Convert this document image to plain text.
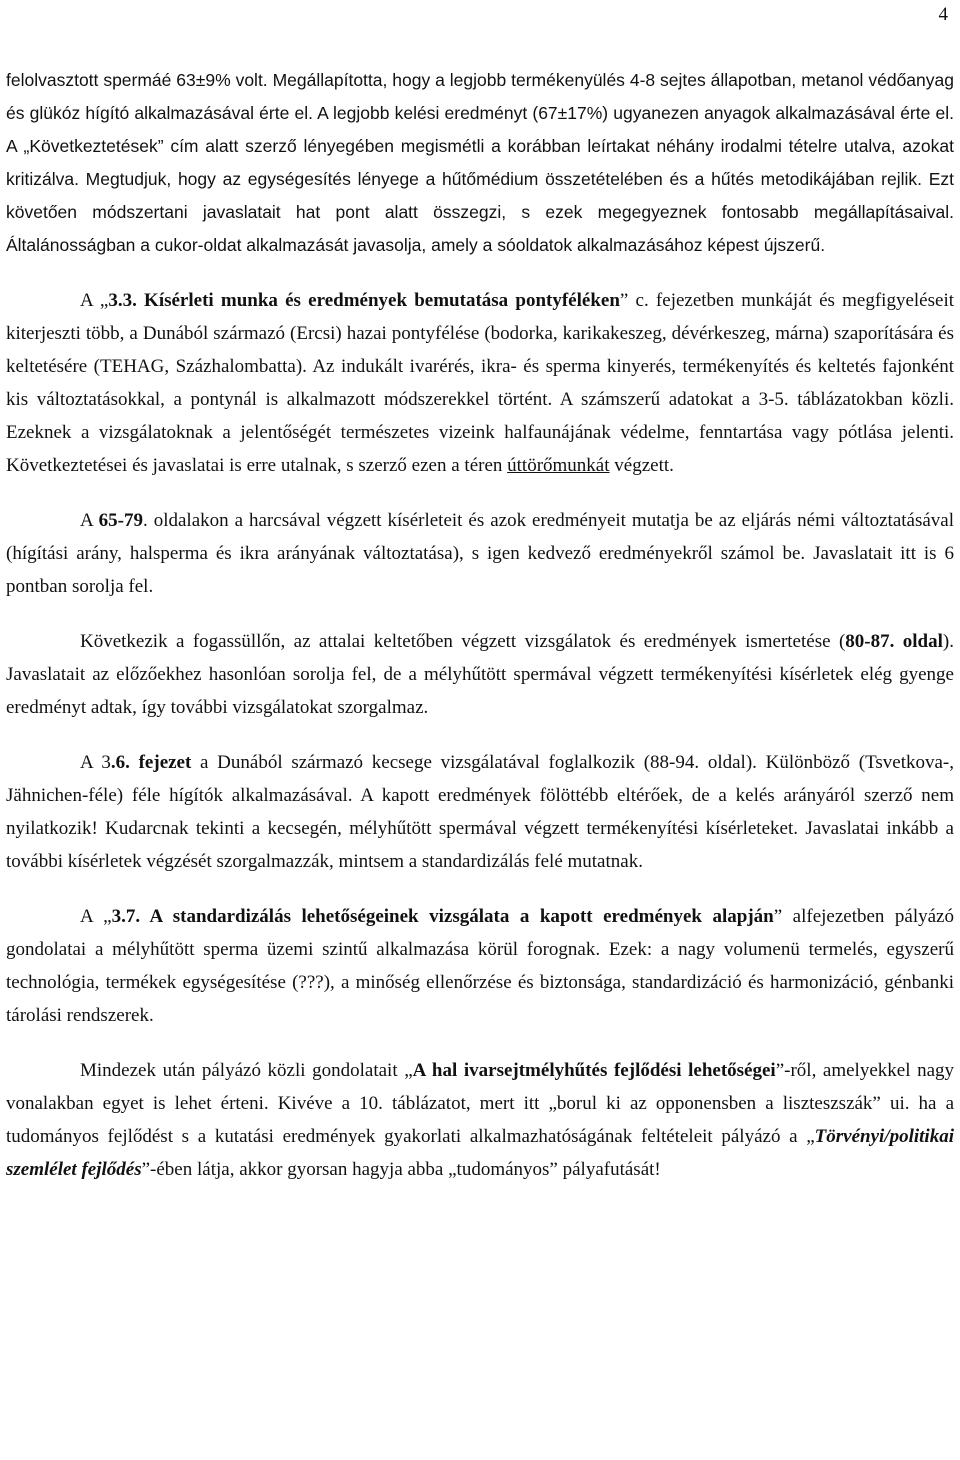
4

felolvasztott spermáé 63±9% volt. Megállapította, hogy a legjobb termékenyülés 4-8 sejtes állapotban, metanol védőanyag és glükóz hígító alkalmazásával érte el. A legjobb kelési eredményt (67±17%) ugyanezen anyagok alkalmazásával érte el. A „Következtetések” cím alatt szerző lényegében megismétli a korábban leírtakat néhány irodalmi tételre utalva, azokat kritizálva. Megtudjuk, hogy az egységesítés lényege a hűtőmédium összetételében és a hűtés metodikájában rejlik. Ezt követően módszertani javaslatait hat pont alatt összegzi, s ezek megegyeznek fontosabb megállapításaival. Általánosságban a cukor-oldat alkalmazását javasolja, amely a sóoldatok alkalmazásához képest újszerű.

A „3.3. Kísérleti munka és eredmények bemutatása pontyféléken” c. fejezetben munkáját és megfigyeléseit kiterjeszti több, a Dunából származó (Ercsi) hazai pontyfélése (bodorka, karikakeszeg, dévérkeszeg, márna) szaporítására és keltetésére (TEHAG, Százhalombatta). Az indukált ivarérés, ikra- és sperma kinyerés, termékenyítés és keltetés fajonként kis változtatásokkal, a pontynál is alkalmazott módszerekkel történt. A számszerű adatokat a 3-5. táblázatokban közli. Ezeknek a vizsgálatoknak a jelentőségét természetes vizeink halfaunájának védelme, fenntartása vagy pótlása jelenti. Következtetései és javaslatai is erre utalnak, s szerző ezen a téren úttörőmunkát végzett.

A 65-79. oldalakon a harcsával végzett kísérleteit és azok eredményeit mutatja be az eljárás némi változtatásával (hígítási arány, halsperma és ikra arányának változtatása), s igen kedvező eredményekről számol be. Javaslatait itt is 6 pontban sorolja fel.

Következik a fogassüllőn, az attalai keltetőben végzett vizsgálatok és eredmények ismertetése (80-87. oldal). Javaslatait az előzőekhez hasonlóan sorolja fel, de a mélyhűtött spermával végzett termékenyítési kísérletek elég gyenge eredményt adtak, így további vizsgálatokat szorgalmaz.

A 3.6. fejezet a Dunából származó kecsege vizsgálatával foglalkozik (88-94. oldal). Különböző (Tsvetkova-, Jähnichen-féle) féle hígítók alkalmazásával. A kapott eredmények fölöttébb eltérőek, de a kelés arányáról szerző nem nyilatkozik! Kudarcnak tekinti a kecsegén, mélyhűtött spermával végzett termékenyítési kísérleteket. Javaslatai inkább a további kísérletek végzését szorgalmazzák, mintsem a standardizálás felé mutatnak.

A „3.7. A standardizálás lehetőségeinek vizsgálata a kapott eredmények alapján” alfejezetben pályázó gondolatai a mélyhűtött sperma üzemi szintű alkalmazása körül forognak. Ezek: a nagy volumenü termelés, egyszerű technológia, termékek egységesítése (???), a minőség ellenőrzése és biztonsága, standardizáció és harmonizáció, génbanki tárolási rendszerek.

Mindezek után pályázó közli gondolatait „A hal ivarsejtmélyhűtés fejlődési lehetőségei”-ről, amelyekkel nagy vonalakban egyet is lehet érteni. Kivéve a 10. táblázatot, mert itt „borul ki az opponensben a liszteszszák” ui. ha a tudományos fejlődést s a kutatási eredmények gyakorlati alkalmazhatóságának feltételeit pályázó a „Törvényi/politikai szemlélet fejlődés”-ében látja, akkor gyorsan hagyja abba „tudományos” pályafutását!
